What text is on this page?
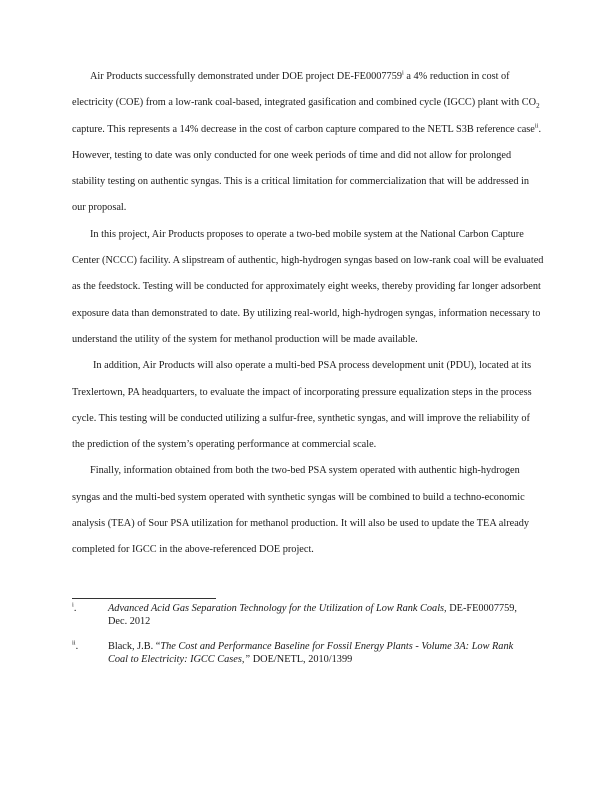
Air Products successfully demonstrated under DOE project DE-FE0007759$^i$ a 4% reduction in cost of electricity (COE) from a low-rank coal-based, integrated gasification and combined cycle (IGCC) plant with $CO_2$ capture. This represents a 14% decrease in the cost of carbon capture compared to the NETL S3B reference case$^{ii}$. However, testing to date was only conducted for one week periods of time and did not allow for prolonged stability testing on authentic syngas. This is a critical limitation for commercialization that will be addressed in our proposal.

In this project, Air Products proposes to operate a two-bed mobile system at the National Carbon Capture Center (NCCC) facility. A slipstream of authentic, high-hydrogen syngas based on low-rank coal will be evaluated as the feedstock. Testing will be conducted for approximately eight weeks, thereby providing far longer adsorbent exposure data than demonstrated to date. By utilizing real-world, high-hydrogen syngas, information necessary to understand the utility of the system for methanol production will be made available.

In addition, Air Products will also operate a multi-bed PSA process development unit (PDU), located at its Trexlertown, PA headquarters, to evaluate the impact of incorporating pressure equalization steps in the process cycle. This testing will be conducted utilizing a sulfur-free, synthetic syngas, and will improve the reliability of the prediction of the system’s operating performance at commercial scale.

Finally, information obtained from both the two-bed PSA system operated with authentic high-hydrogen syngas and the multi-bed system operated with synthetic syngas will be combined to build a techno-economic analysis (TEA) of Sour PSA utilization for methanol production. It will also be used to update the TEA already completed for IGCC in the above-referenced DOE project.

$^i$.	Advanced Acid Gas Separation Technology for the Utilization of Low Rank Coals, DE-FE0007759, Dec. 2012
$^{ii}$.	Black, J.B. “The Cost and Performance Baseline for Fossil Energy Plants - Volume 3A: Low Rank Coal to Electricity: IGCC Cases,” DOE/NETL, 2010/1399
